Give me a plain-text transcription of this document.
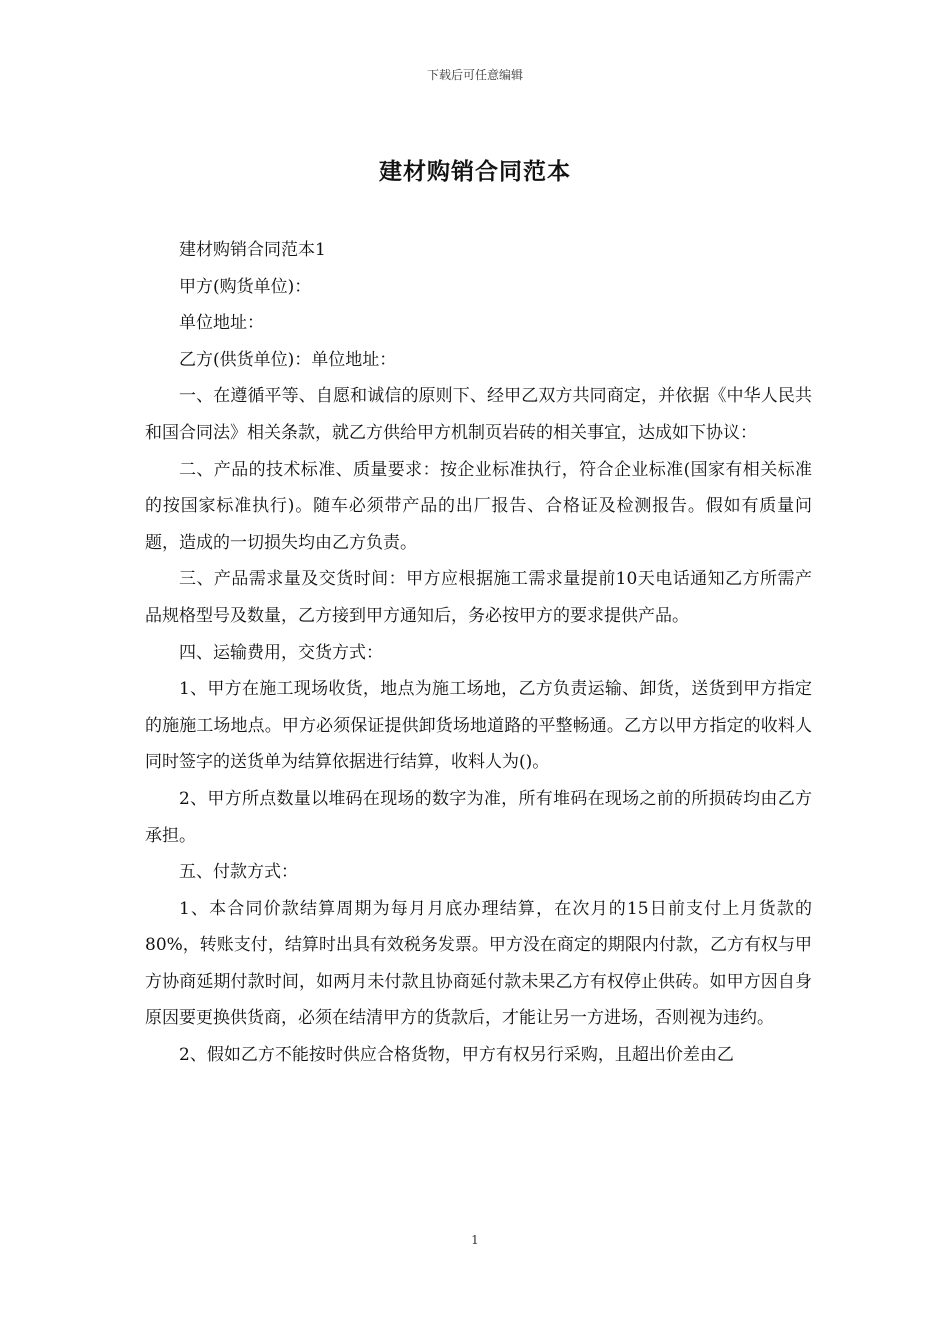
下载后可任意编辑
建材购销合同范本

建材购销合同范本1

甲方(购货单位)：

单位地址：

乙方(供货单位)：单位地址：

一、在遵循平等、自愿和诚信的原则下、经甲乙双方共同商定，并依据《中华人民共和国合同法》相关条款，就乙方供给甲方机制页岩砖的相关事宜，达成如下协议：

二、产品的技术标准、质量要求：按企业标准执行，符合企业标准(国家有相关标准的按国家标准执行)。随车必须带产品的出厂报告、合格证及检测报告。假如有质量问题，造成的一切损失均由乙方负责。

三、产品需求量及交货时间：甲方应根据施工需求量提前10天电话通知乙方所需产品规格型号及数量，乙方接到甲方通知后，务必按甲方的要求提供产品。

四、运输费用，交货方式：

1、甲方在施工现场收货，地点为施工场地，乙方负责运输、卸货，送货到甲方指定的施施工场地点。甲方必须保证提供卸货场地道路的平整畅通。乙方以甲方指定的收料人同时签字的送货单为结算依据进行结算，收料人为()。

2、甲方所点数量以堆码在现场的数字为准，所有堆码在现场之前的所损砖均由乙方承担。

五、付款方式：

1、本合同价款结算周期为每月月底办理结算，在次月的15日前支付上月货款的80%，转账支付，结算时出具有效税务发票。甲方没在商定的期限内付款，乙方有权与甲方协商延期付款时间，如两月未付款且协商延付款未果乙方有权停止供砖。如甲方因自身原因要更换供货商，必须在结清甲方的货款后，才能让另一方进场，否则视为违约。

2、假如乙方不能按时供应合格货物，甲方有权另行采购，且超出价差由乙

1
